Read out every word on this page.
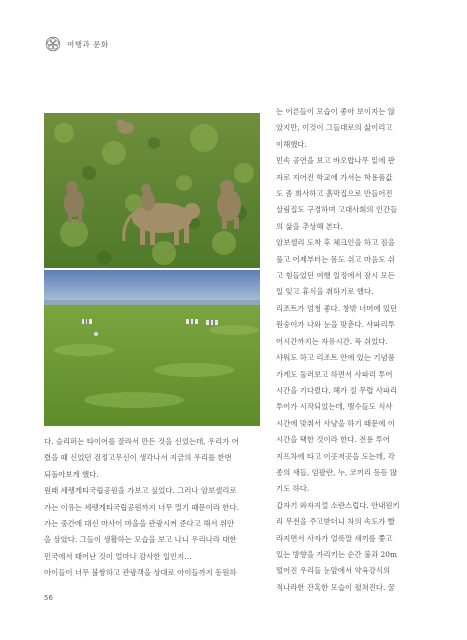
여행과 문화

는 어른들이 모습이 좋아 보이지는 않

았지만, 이것이 그들대로의 삶이리고

이해했다.

민속 공연을 보고 바오밥나무 밑에 판

자로 지어진 학교에 가서는 학용품값

도 좀 희사하고 흙막집으로 만들어진

살림집도 구경하며 고대사회의 인간들

의 삶을 추상해 본다.

암보셀리 도착 후 체크인을 하고 짐을

풀고 어제부터는 몸도 쉬고 마음도 쉬

고 힘들었던 여행 일정에서 잠시 모든

일 잊고 휴식을 취하기로 했다.

리조트가 엄청 좋다. 창밖 너머에 있던

원숭이가 나와 눈을 맞춘다. 사파리투

어시간까지는 자유시간. 푹 쉬었다.

샤워도 하고 리조트 안에 있는 기념품

가게도 둘러보고 하면서 사파리 투어

시간을 기다렸다. 해가 질 무렵 사파리

투어가 시작되었는데, 맹수들도 식사

시간에 맞춰서 사냥을 하기 때문에 이

시간을 택한 것이라 한다. 전용 투어

지프차에 타고 이곳저곳을 도는데, 각

종의 새들, 임팔란, 누, 코끼리 등등 많

기도 하다.

갑자기 와자지껄 소란스럽다. 안내원키

리 무전을 주고받더니 차의 속도가 빨

라지면서 사자가 얼룩말 새끼를 쫓고

있는 방향을 가리키는 순간 불과 20m

떨어진 우리들 눈앞에서 약육강식의

적나라한 잔혹한 모습이 펼쳐진다. 꿀

다. 슬리퍼는 타이어를 잘라서 만든 것을 신었는데, 우리가 어

렸을 때 신었던 검정고무신이 생각나서 지금의 우리를 한번

되돌아보게 했다.

원래 세렝게티국립공원을 가보고 싶었다. 그러나 암보셀리로

가는 이유는 세렝게티국립공원까지 너무 멀기 때문이라 한다.

가는 중간에 대신 마사이 마을을 관광시켜 준다고 해서 위안

을 삼았다. 그들이 생활하는 모습을 보고 나니 우리나라 대한

민국에서 태어난 것이 얼마나 감사한 일인지…

아이들이 너무 불쌍하고 관광객을 상대로 아이들까지 동원하

56
